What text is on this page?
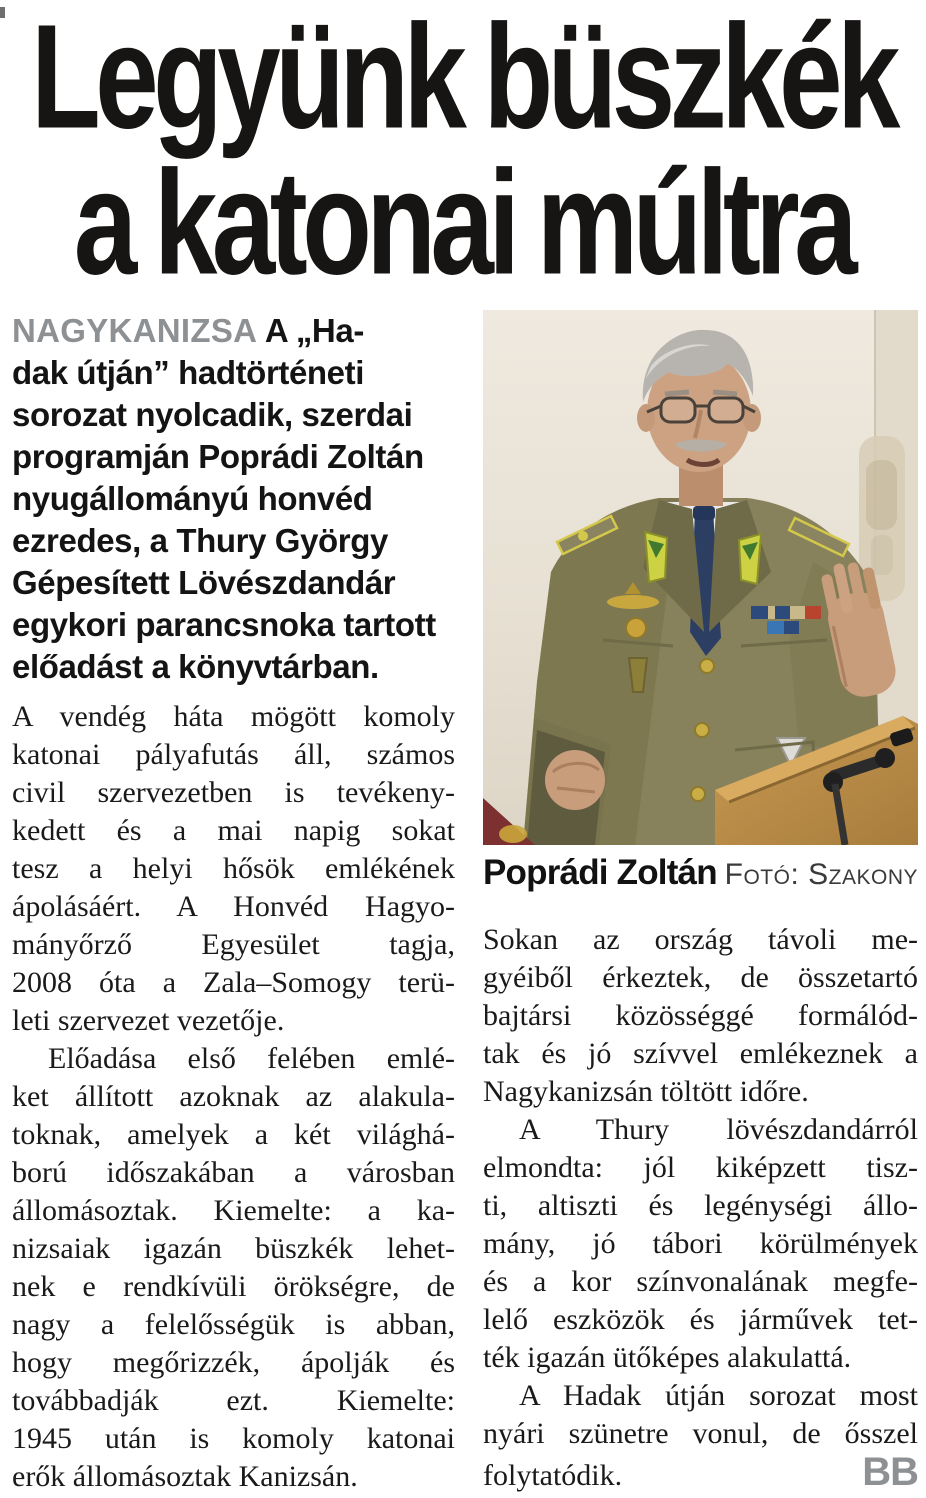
Legyünk büszkék
a katonai múltra
NAGYKANIZSA A „Ha-
dak útján” hadtörténeti
sorozat nyolcadik, szerdai
programján Poprádi Zoltán
nyugállományú honvéd
ezredes, a Thury György
Gépesített Lövészdandár
egykori parancsnoka tartott
előadást a könyvtárban.
A vendég háta mögött komoly
katonai pályafutás áll, számos
civil szervezetben is tevékeny-
kedett és a mai napig sokat
tesz a helyi hősök emlékének
ápolásáért. A Honvéd Hagyo-
mányőrző Egyesület tagja,
2008 óta a Zala–Somogy terü-
leti szervezet vezetője.
Előadása első felében emlé-
ket állított azoknak az alakula-
toknak, amelyek a két világhá-
ború időszakában a városban
állomásoztak. Kiemelte: a ka-
nizsaiak igazán büszkék lehet-
nek e rendkívüli örökségre, de
nagy a felelősségük is abban,
hogy megőrizzék, ápolják és
továbbadják ezt. Kiemelte:
1945 után is komoly katonai
erők állomásoztak Kanizsán.
Poprádi Zoltán Fotó: Szakony
Sokan az ország távoli me-
gyéiből érkeztek, de összetartó
bajtársi közösséggé formálód-
tak és jó szívvel emlékeznek a
Nagykanizsán töltött időre.
A Thury lövészdandárról
elmondta: jól kiképzett tisz-
ti, altiszti és legénységi állo-
mány, jó tábori körülmények
és a kor színvonalának megfe-
lelő eszközök és járművek tet-
ték igazán ütőképes alakulattá.
A Hadak útján sorozat most
nyári szünetre vonul, de ősszel
folytatódik.	BB
